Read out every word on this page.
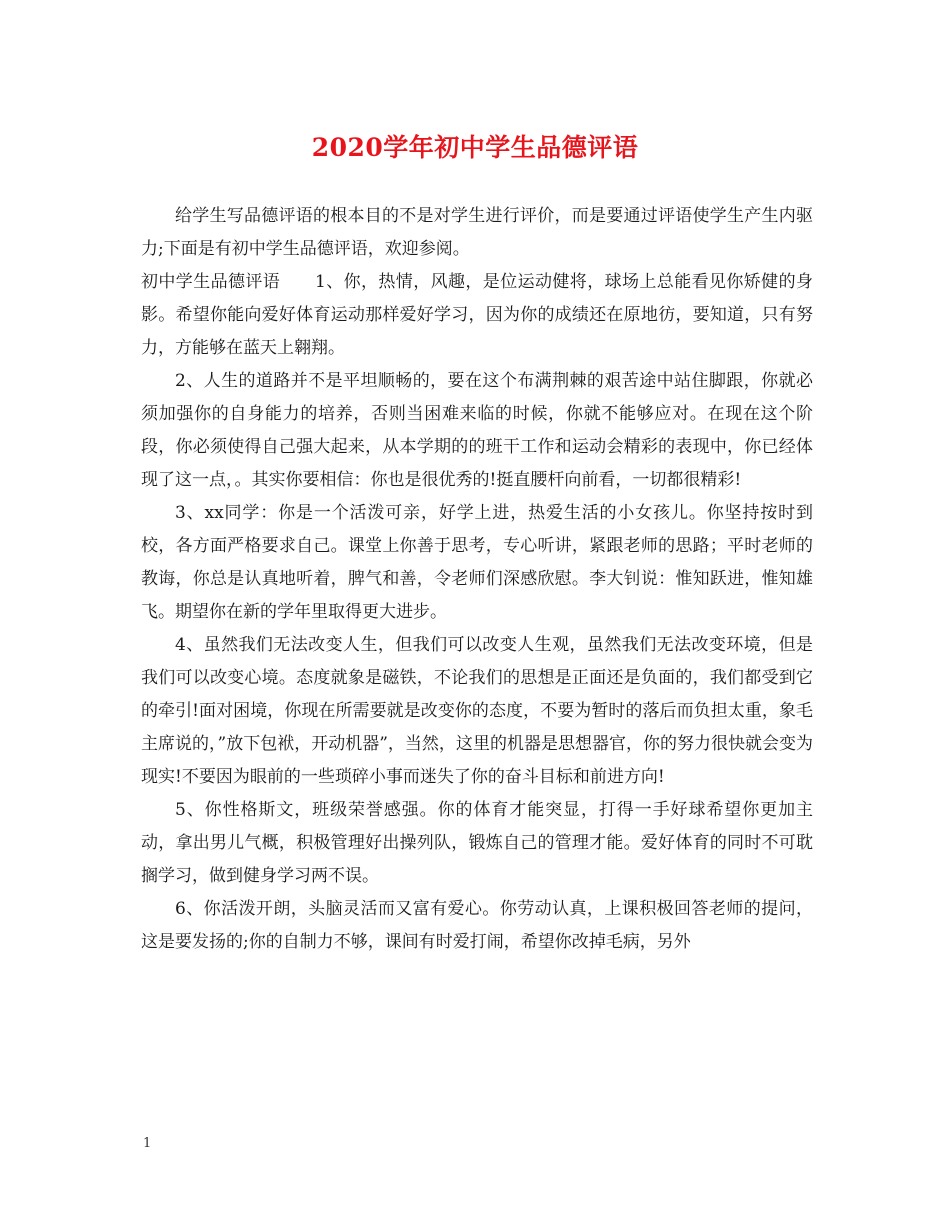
2020学年初中学生品德评语

给学生写品德评语的根本目的不是对学生进行评价，而是要通过评语使学生产生内驱力;下面是有初中学生品德评语，欢迎参阅。

初中学生品德评语　　1、你，热情，风趣，是位运动健将，球场上总能看见你矫健的身影。希望你能向爱好体育运动那样爱好学习，因为你的成绩还在原地彷，要知道，只有努力，方能够在蓝天上翱翔。

2、人生的道路并不是平坦顺畅的，要在这个布满荆棘的艰苦途中站住脚跟，你就必须加强你的自身能力的培养，否则当困难来临的时候，你就不能够应对。在现在这个阶段，你必须使得自己强大起来，从本学期的的班干工作和运动会精彩的表现中，你已经体现了这一点，。其实你要相信：你也是很优秀的!挺直腰杆向前看，一切都很精彩!

3、xx同学：你是一个活泼可亲，好学上进，热爱生活的小女孩儿。你坚持按时到校，各方面严格要求自己。课堂上你善于思考，专心听讲，紧跟老师的思路；平时老师的教诲，你总是认真地听着，脾气和善，令老师们深感欣慰。李大钊说：惟知跃进，惟知雄飞。期望你在新的学年里取得更大进步。

4、虽然我们无法改变人生，但我们可以改变人生观，虽然我们无法改变环境，但是我们可以改变心境。态度就象是磁铁，不论我们的思想是正面还是负面的，我们都受到它的牵引!面对困境，你现在所需要就是改变你的态度，不要为暂时的落后而负担太重，象毛主席说的，”放下包袱，开动机器”，当然，这里的机器是思想器官，你的努力很快就会变为现实!不要因为眼前的一些琐碎小事而迷失了你的奋斗目标和前进方向!

5、你性格斯文，班级荣誉感强。你的体育才能突显，打得一手好球希望你更加主动，拿出男儿气概，积极管理好出操列队，锻炼自己的管理才能。爱好体育的同时不可耽搁学习，做到健身学习两不误。

6、你活泼开朗，头脑灵活而又富有爱心。你劳动认真，上课积极回答老师的提问，这是要发扬的;你的自制力不够，课间有时爱打闹，希望你改掉毛病，另外

1
